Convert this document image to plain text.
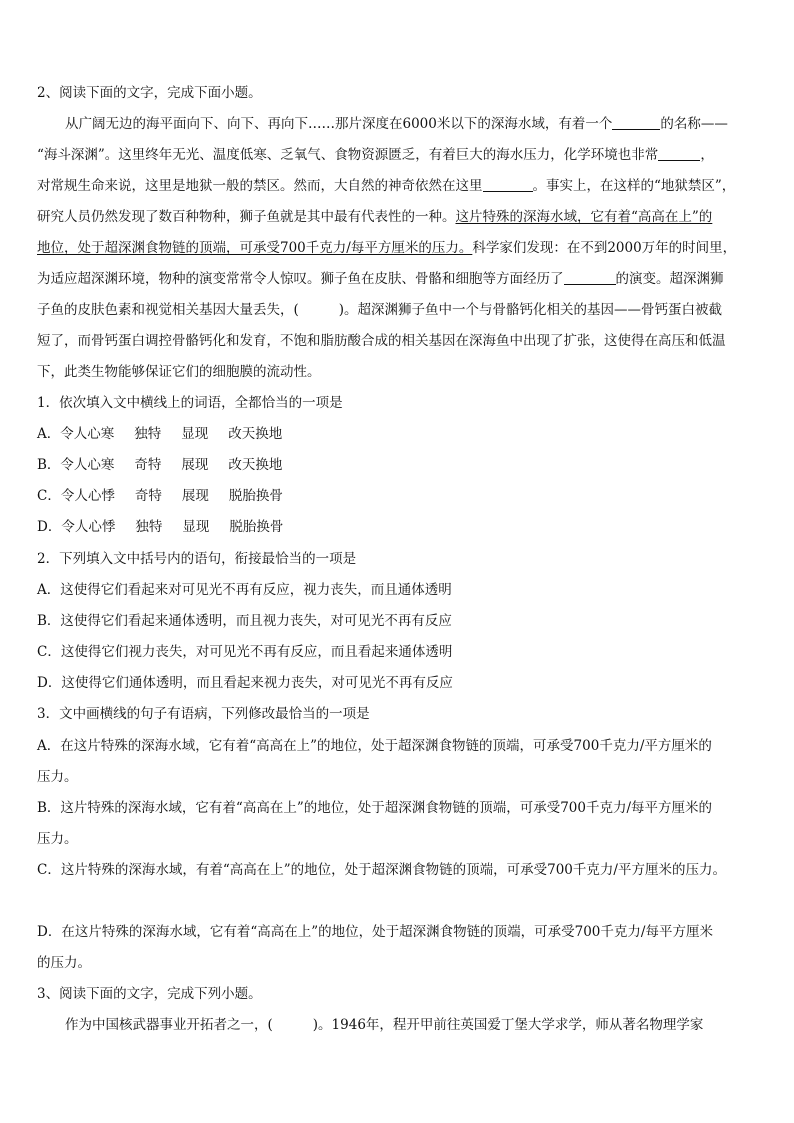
2、阅读下面的文字，完成下面小题。
从广阔无边的海平面向下、向下、再向下……那片深度在6000米以下的深海水域，有着一个	的名称——
“海斗深渊”。这里终年无光、温度低寒、乏氧气、食物资源匮乏，有着巨大的海水压力，化学环境也非常	，
对常规生命来说，这里是地狱一般的禁区。然而，大自然的神奇依然在这里	。事实上，在这样的“地狱禁区”，
研究人员仍然发现了数百种物种，狮子鱼就是其中最有代表性的一种。这片特殊的深海水域，它有着“高高在上”的
地位，处于超深渊食物链的顶端，可承受700千克力/每平方厘米的压力。科学家们发现：在不到2000万年的时间里，
为适应超深渊环境，物种的演变常常令人惊叹。狮子鱼在皮肤、骨骼和细胞等方面经历了	的演变。超深渊狮
子鱼的皮肤色素和视觉相关基因大量丢失，(	)。超深渊狮子鱼中一个与骨骼钙化相关的基因——骨钙蛋白被截
短了，而骨钙蛋白调控骨骼钙化和发育，不饱和脂肪酸合成的相关基因在深海鱼中出现了扩张，这使得在高压和低温
下，此类生物能够保证它们的细胞膜的流动性。
1．依次填入文中横线上的词语，全都恰当的一项是
A．令人心寒 独特 显现 改天换地
B．令人心寒 奇特 展现 改天换地
C．令人心悸 奇特 展现 脱胎换骨
D．令人心悸 独特 显现 脱胎换骨
2．下列填入文中括号内的语句，衔接最恰当的一项是
A．这使得它们看起来对可见光不再有反应，视力丧失，而且通体透明
B．这使得它们看起来通体透明，而且视力丧失，对可见光不再有反应
C．这使得它们视力丧失，对可见光不再有反应，而且看起来通体透明
D．这使得它们通体透明，而且看起来视力丧失，对可见光不再有反应
3．文中画横线的句子有语病，下列修改最恰当的一项是
A．在这片特殊的深海水域，它有着“高高在上”的地位，处于超深渊食物链的顶端，可承受700千克力/平方厘米的
压力。
B．这片特殊的深海水域，它有着“高高在上”的地位，处于超深渊食物链的顶端，可承受700千克力/每平方厘米的
压力。
C．这片特殊的深海水域，有着“高高在上”的地位，处于超深渊食物链的顶端，可承受700千克力/平方厘米的压力。
D．在这片特殊的深海水域，它有着“高高在上”的地位，处于超深渊食物链的顶端，可承受700千克力/每平方厘米
的压力。
3、阅读下面的文字，完成下列小题。
作为中国核武器事业开拓者之一，(	)。1946年，程开甲前往英国爱丁堡大学求学，师从著名物理学家
